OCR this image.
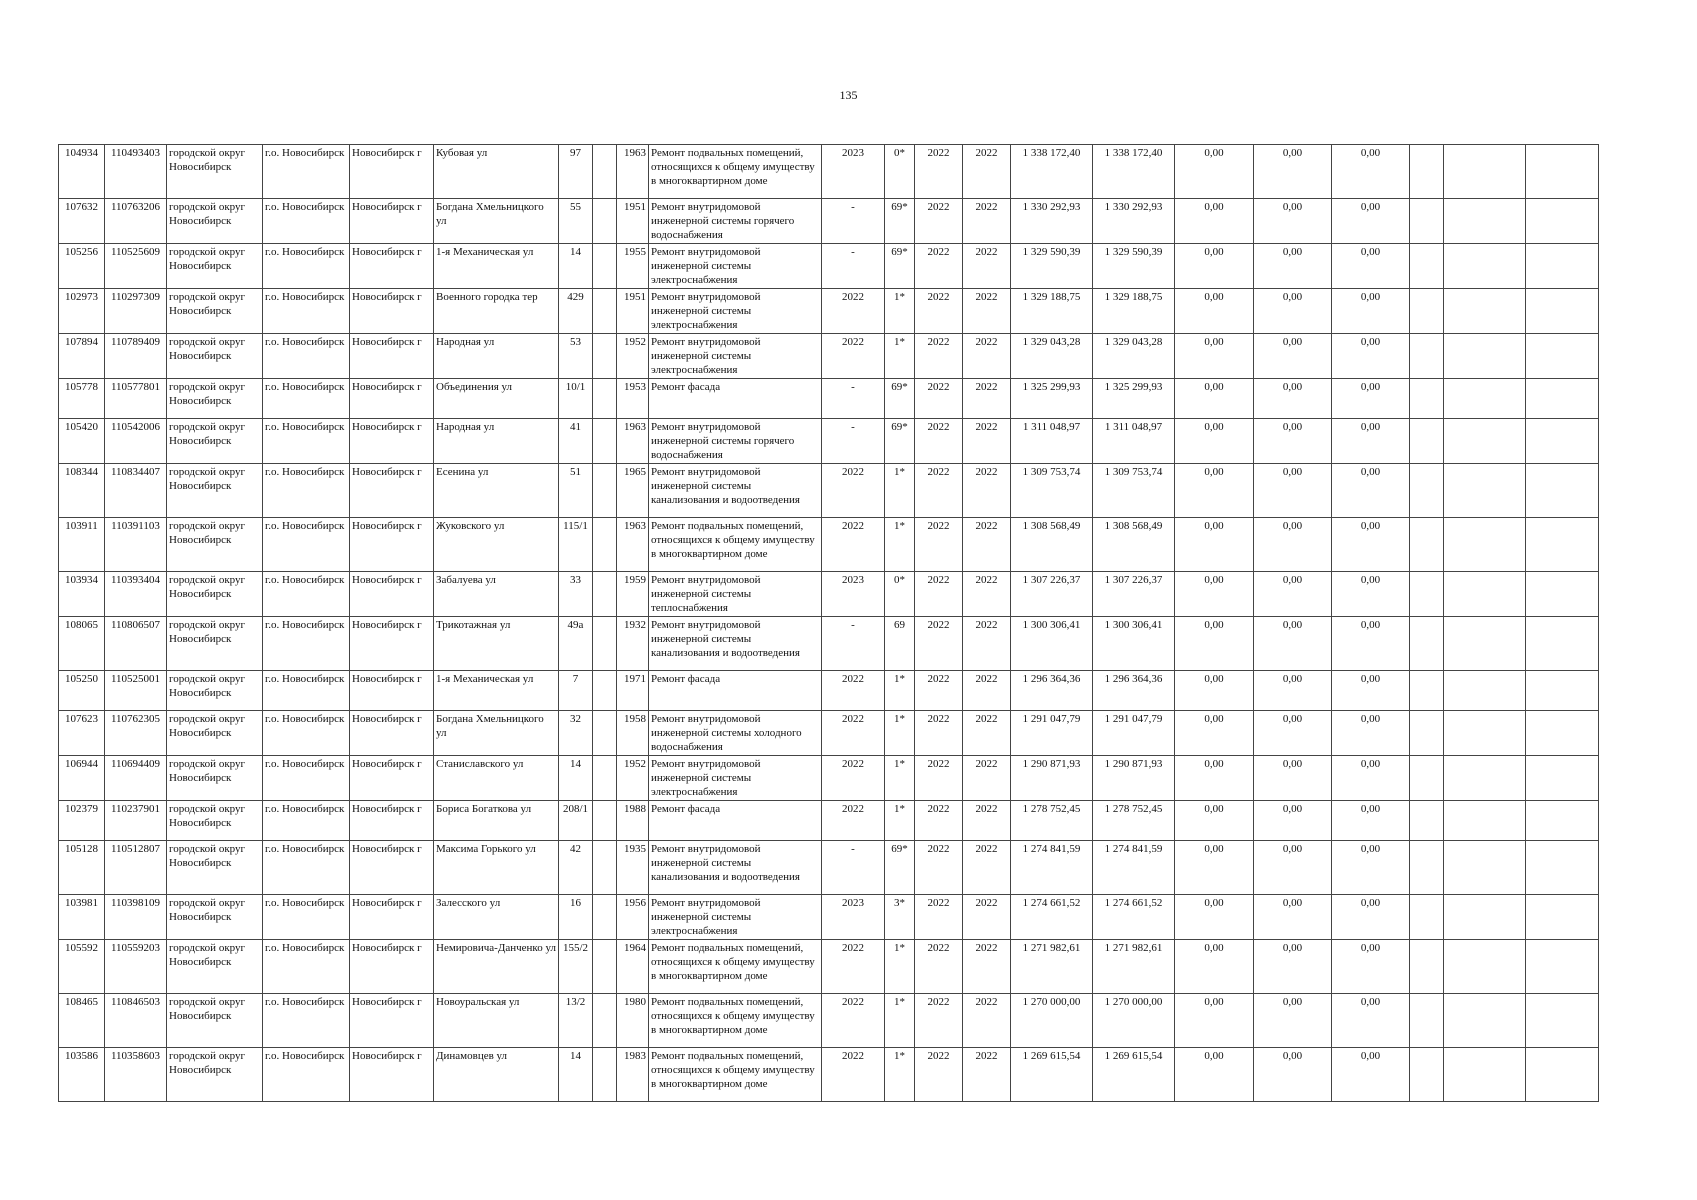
135
104934	110493403	городской округ Новосибирск	г.о. Новосибирск	Новосибирск г	Кубовая ул	97		1963	Ремонт подвальных помещений, относящихся к общему имуществу в многоквартирном доме	2023	0*	2022	2022	1 338 172,40	1 338 172,40	0,00	0,00	0,00			
107632	110763206	городской округ Новосибирск	г.о. Новосибирск	Новосибирск г	Богдана Хмельницкого ул	55		1951	Ремонт внутридомовой инженерной системы горячего водоснабжения	-	69*	2022	2022	1 330 292,93	1 330 292,93	0,00	0,00	0,00			
105256	110525609	городской округ Новосибирск	г.о. Новосибирск	Новосибирск г	1-я Механическая ул	14		1955	Ремонт внутридомовой инженерной системы электроснабжения	-	69*	2022	2022	1 329 590,39	1 329 590,39	0,00	0,00	0,00			
102973	110297309	городской округ Новосибирск	г.о. Новосибирск	Новосибирск г	Военного городка тер	429		1951	Ремонт внутридомовой инженерной системы электроснабжения	2022	1*	2022	2022	1 329 188,75	1 329 188,75	0,00	0,00	0,00			
107894	110789409	городской округ Новосибирск	г.о. Новосибирск	Новосибирск г	Народная ул	53		1952	Ремонт внутридомовой инженерной системы электроснабжения	2022	1*	2022	2022	1 329 043,28	1 329 043,28	0,00	0,00	0,00			
105778	110577801	городской округ Новосибирск	г.о. Новосибирск	Новосибирск г	Объединения ул	10/1		1953	Ремонт фасада	-	69*	2022	2022	1 325 299,93	1 325 299,93	0,00	0,00	0,00			
105420	110542006	городской округ Новосибирск	г.о. Новосибирск	Новосибирск г	Народная ул	41		1963	Ремонт внутридомовой инженерной системы горячего водоснабжения	-	69*	2022	2022	1 311 048,97	1 311 048,97	0,00	0,00	0,00			
108344	110834407	городской округ Новосибирск	г.о. Новосибирск	Новосибирск г	Есенина ул	51		1965	Ремонт внутридомовой инженерной системы канализования и водоотведения	2022	1*	2022	2022	1 309 753,74	1 309 753,74	0,00	0,00	0,00			
103911	110391103	городской округ Новосибирск	г.о. Новосибирск	Новосибирск г	Жуковского ул	115/1		1963	Ремонт подвальных помещений, относящихся к общему имуществу в многоквартирном доме	2022	1*	2022	2022	1 308 568,49	1 308 568,49	0,00	0,00	0,00			
103934	110393404	городской округ Новосибирск	г.о. Новосибирск	Новосибирск г	Забалуева ул	33		1959	Ремонт внутридомовой инженерной системы теплоснабжения	2023	0*	2022	2022	1 307 226,37	1 307 226,37	0,00	0,00	0,00			
108065	110806507	городской округ Новосибирск	г.о. Новосибирск	Новосибирск г	Трикотажная ул	49а		1932	Ремонт внутридомовой инженерной системы канализования и водоотведения	-	69	2022	2022	1 300 306,41	1 300 306,41	0,00	0,00	0,00			
105250	110525001	городской округ Новосибирск	г.о. Новосибирск	Новосибирск г	1-я Механическая ул	7		1971	Ремонт фасада	2022	1*	2022	2022	1 296 364,36	1 296 364,36	0,00	0,00	0,00			
107623	110762305	городской округ Новосибирск	г.о. Новосибирск	Новосибирск г	Богдана Хмельницкого ул	32		1958	Ремонт внутридомовой инженерной системы холодного водоснабжения	2022	1*	2022	2022	1 291 047,79	1 291 047,79	0,00	0,00	0,00			
106944	110694409	городской округ Новосибирск	г.о. Новосибирск	Новосибирск г	Станиславского ул	14		1952	Ремонт внутридомовой инженерной системы электроснабжения	2022	1*	2022	2022	1 290 871,93	1 290 871,93	0,00	0,00	0,00			
102379	110237901	городской округ Новосибирск	г.о. Новосибирск	Новосибирск г	Бориса Богаткова ул	208/1		1988	Ремонт фасада	2022	1*	2022	2022	1 278 752,45	1 278 752,45	0,00	0,00	0,00			
105128	110512807	городской округ Новосибирск	г.о. Новосибирск	Новосибирск г	Максима Горького ул	42		1935	Ремонт внутридомовой инженерной системы канализования и водоотведения	-	69*	2022	2022	1 274 841,59	1 274 841,59	0,00	0,00	0,00			
103981	110398109	городской округ Новосибирск	г.о. Новосибирск	Новосибирск г	Залесского ул	16		1956	Ремонт внутридомовой инженерной системы электроснабжения	2023	3*	2022	2022	1 274 661,52	1 274 661,52	0,00	0,00	0,00			
105592	110559203	городской округ Новосибирск	г.о. Новосибирск	Новосибирск г	Немировича-Данченко ул	155/2		1964	Ремонт подвальных помещений, относящихся к общему имуществу в многоквартирном доме	2022	1*	2022	2022	1 271 982,61	1 271 982,61	0,00	0,00	0,00			
108465	110846503	городской округ Новосибирск	г.о. Новосибирск	Новосибирск г	Новоуральская ул	13/2		1980	Ремонт подвальных помещений, относящихся к общему имуществу в многоквартирном доме	2022	1*	2022	2022	1 270 000,00	1 270 000,00	0,00	0,00	0,00			
103586	110358603	городской округ Новосибирск	г.о. Новосибирск	Новосибирск г	Динамовцев ул	14		1983	Ремонт подвальных помещений, относящихся к общему имуществу в многоквартирном доме	2022	1*	2022	2022	1 269 615,54	1 269 615,54	0,00	0,00	0,00			
